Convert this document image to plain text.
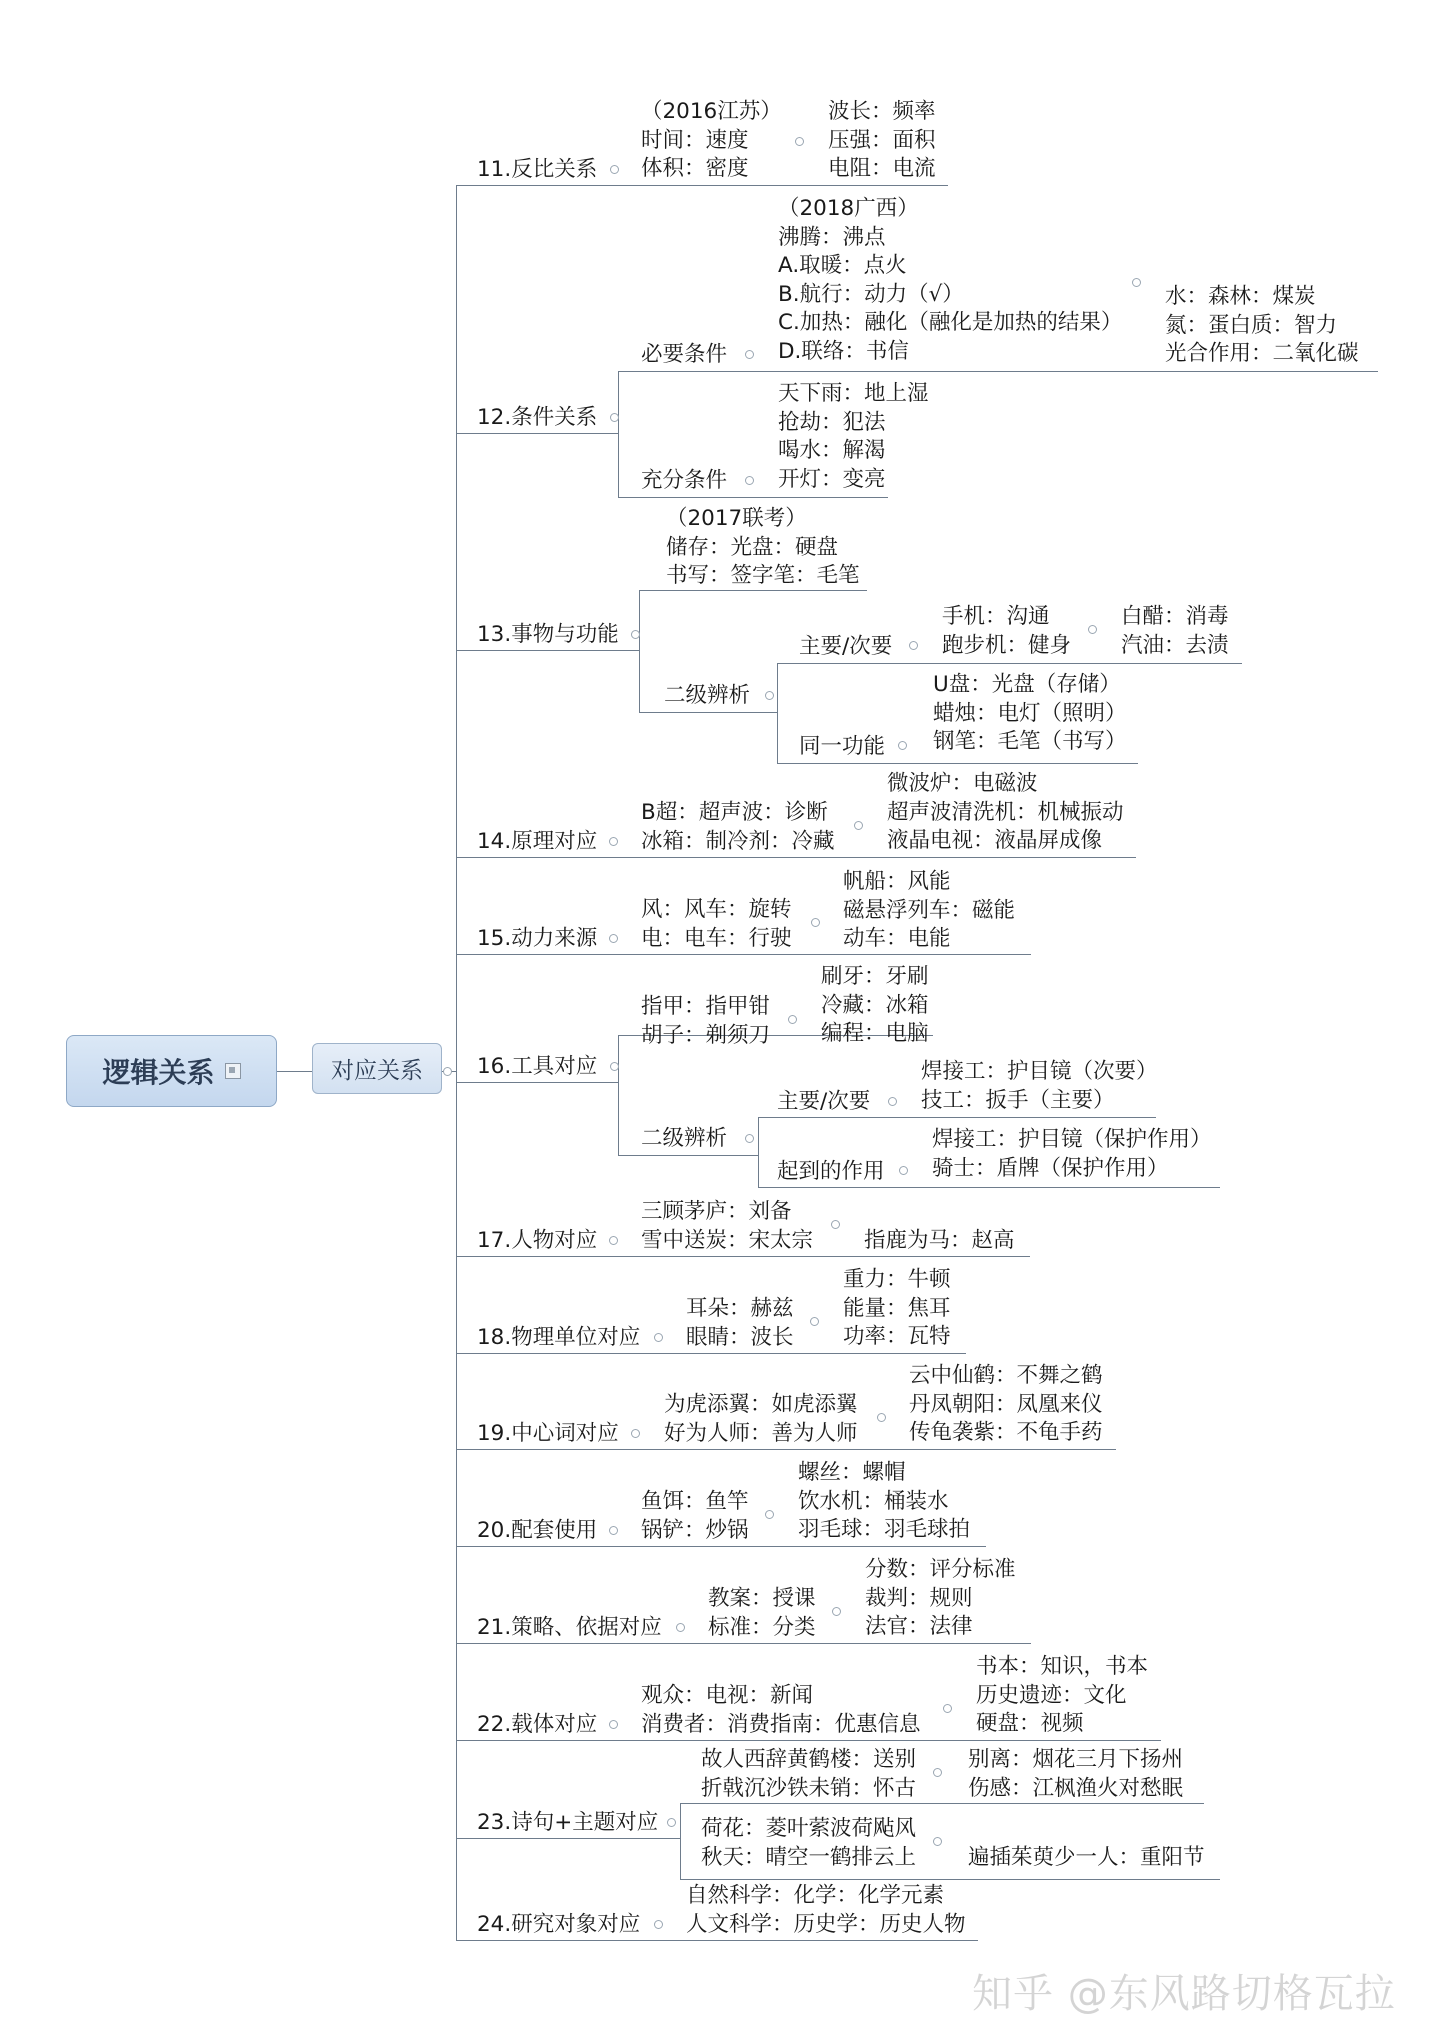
逻辑关系	对应关系
11.反比关系
（2016江苏）
时间：速度
体积：密度
波长：频率
压强：面积
电阻：电流
12.条件关系
必要条件
（2018广西）
沸腾：沸点
A.取暖：点火
B.航行：动力（√）
C.加热：融化（融化是加热的结果）
D.联络：书信
水：森林：煤炭
氮：蛋白质：智力
光合作用：二氧化碳
充分条件
天下雨：地上湿
抢劫：犯法
喝水：解渴
开灯：变亮
13.事物与功能
（2017联考）
储存：光盘：硬盘
书写：签字笔：毛笔
二级辨析
主要/次要
手机：沟通
跑步机：健身
白醋：消毒
汽油：去渍
同一功能
U盘：光盘（存储）
蜡烛：电灯（照明）
钢笔：毛笔（书写）
14.原理对应
B超：超声波：诊断
冰箱：制冷剂：冷藏
微波炉：电磁波
超声波清洗机：机械振动
液晶电视：液晶屏成像
15.动力来源
风：风车：旋转
电：电车：行驶
帆船：风能
磁悬浮列车：磁能
动车：电能
16.工具对应
指甲：指甲钳
胡子：剃须刀
刷牙：牙刷
冷藏：冰箱
编程：电脑
二级辨析
主要/次要
焊接工：护目镜（次要）
技工：扳手（主要）
起到的作用
焊接工：护目镜（保护作用）
骑士：盾牌（保护作用）
17.人物对应
三顾茅庐：刘备
雪中送炭：宋太宗 指鹿为马：赵高
18.物理单位对应
耳朵：赫兹
眼睛：波长
重力：牛顿
能量：焦耳
功率：瓦特
19.中心词对应
为虎添翼：如虎添翼
好为人师：善为人师
云中仙鹤：不舞之鹤
丹凤朝阳：凤凰来仪
传龟袭紫：不龟手药
20.配套使用
鱼饵：鱼竿
锅铲：炒锅
螺丝：螺帽
饮水机：桶装水
羽毛球：羽毛球拍
21.策略、依据对应
教案：授课
标准：分类
分数：评分标准
裁判：规则
法官：法律
22.载体对应
观众：电视：新闻
消费者：消费指南：优惠信息
书本：知识，书本
历史遗迹：文化
硬盘：视频
23.诗句+主题对应
故人西辞黄鹤楼：送别
折戟沉沙铁未销：怀古
别离：烟花三月下扬州
伤感：江枫渔火对愁眠
荷花：菱叶萦波荷飐风
秋天：晴空一鹤排云上 遍插茱萸少一人：重阳节
24.研究对象对应
自然科学：化学：化学元素
人文科学：历史学：历史人物
知乎 @东风路切格瓦拉
